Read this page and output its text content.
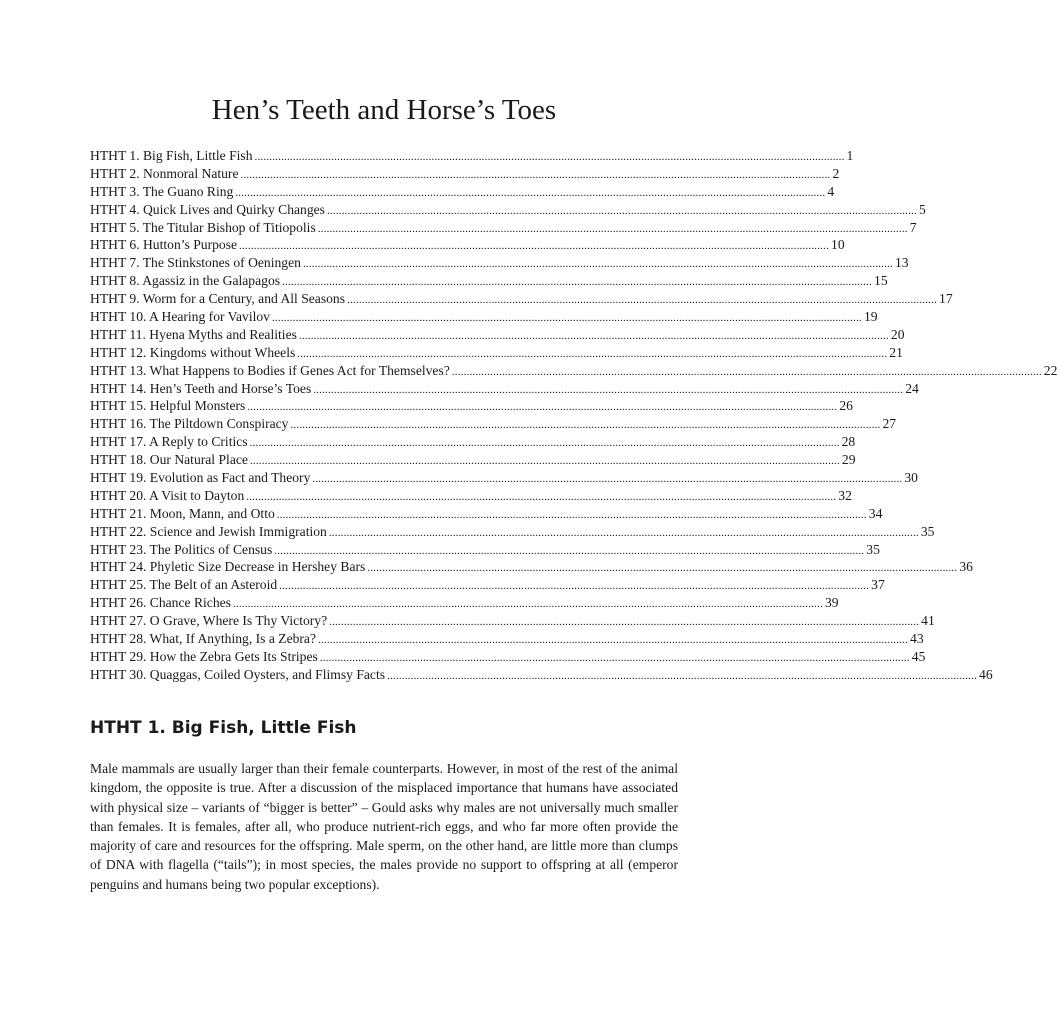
Hen’s Teeth and Horse’s Toes
HTHT 1. Big Fish, Little Fish ........................................................................................................................................................................................................ 1
HTHT 2. Nonmoral Nature ........................................................................................................................................................................................................ 2
HTHT 3. The Guano Ring ........................................................................................................................................................................................................ 4
HTHT 4. Quick Lives and Quirky Changes ........................................................................................................................................................................................................ 5
HTHT 5. The Titular Bishop of Titiopolis ........................................................................................................................................................................................................ 7
HTHT 6. Hutton’s Purpose ........................................................................................................................................................................................................ 10
HTHT 7. The Stinkstones of Oeningen ........................................................................................................................................................................................................ 13
HTHT 8. Agassiz in the Galapagos ........................................................................................................................................................................................................ 15
HTHT 9. Worm for a Century, and All Seasons ........................................................................................................................................................................................................ 17
HTHT 10. A Hearing for Vavilov ........................................................................................................................................................................................................ 19
HTHT 11. Hyena Myths and Realities ........................................................................................................................................................................................................ 20
HTHT 12. Kingdoms without Wheels ........................................................................................................................................................................................................ 21
HTHT 13. What Happens to Bodies if Genes Act for Themselves? ........................................................................................................................................................................................................ 22
HTHT 14. Hen’s Teeth and Horse’s Toes ........................................................................................................................................................................................................ 24
HTHT 15. Helpful Monsters ........................................................................................................................................................................................................ 26
HTHT 16. The Piltdown Conspiracy ........................................................................................................................................................................................................ 27
HTHT 17. A Reply to Critics ........................................................................................................................................................................................................ 28
HTHT 18. Our Natural Place ........................................................................................................................................................................................................ 29
HTHT 19. Evolution as Fact and Theory ........................................................................................................................................................................................................ 30
HTHT 20. A Visit to Dayton ........................................................................................................................................................................................................ 32
HTHT 21. Moon, Mann, and Otto ........................................................................................................................................................................................................ 34
HTHT 22. Science and Jewish Immigration ........................................................................................................................................................................................................ 35
HTHT 23. The Politics of Census ........................................................................................................................................................................................................ 35
HTHT 24. Phyletic Size Decrease in Hershey Bars ........................................................................................................................................................................................................ 36
HTHT 25. The Belt of an Asteroid ........................................................................................................................................................................................................ 37
HTHT 26. Chance Riches ........................................................................................................................................................................................................ 39
HTHT 27. O Grave, Where Is Thy Victory? ........................................................................................................................................................................................................ 41
HTHT 28. What, If Anything, Is a Zebra? ........................................................................................................................................................................................................ 43
HTHT 29. How the Zebra Gets Its Stripes ........................................................................................................................................................................................................ 45
HTHT 30. Quaggas, Coiled Oysters, and Flimsy Facts ........................................................................................................................................................................................................ 46
HTHT 1. Big Fish, Little Fish

Male mammals are usually larger than their female counterparts. However, in most of the rest of the animal kingdom, the opposite is true. After a discussion of the misplaced importance that humans have associated with physical size – variants of “bigger is better” – Gould asks why males are not universally much smaller than females. It is females, after all, who produce nutrient-rich eggs, and who far more often provide the majority of care and resources for the offspring. Male sperm, on the other hand, are little more than clumps of DNA with flagella (“tails”); in most species, the males provide no support to offspring at all (emperor penguins and humans being two popular exceptions).
